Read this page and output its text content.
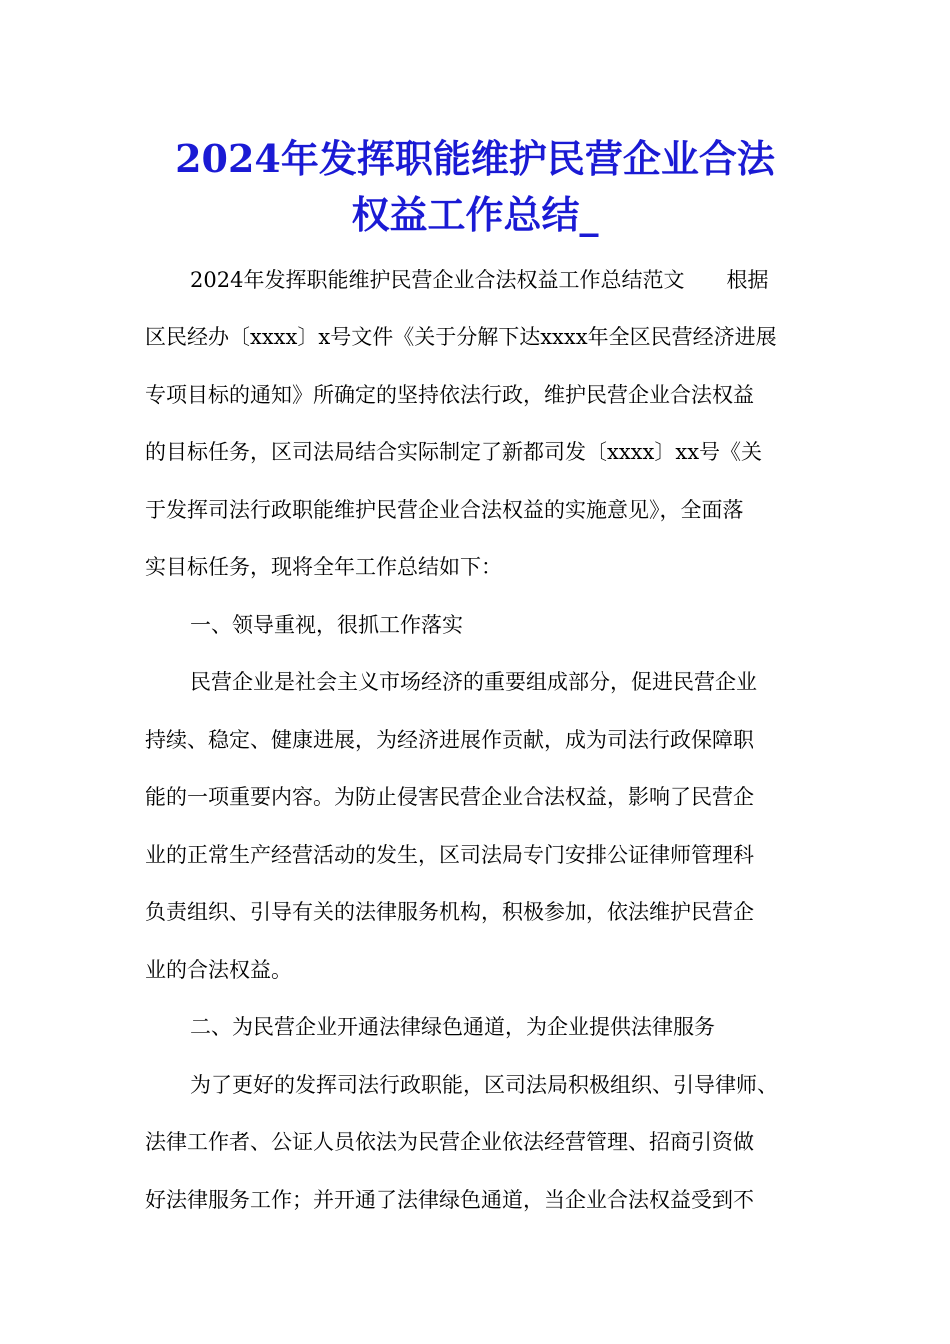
2024年发挥职能维护民营企业合法
权益工作总结_
2024年发挥职能维护民营企业合法权益工作总结范文　　根据
区民经办〔xxxx〕x号文件《关于分解下达xxxx年全区民营经济进展
专项目标的通知》所确定的坚持依法行政，维护民营企业合法权益
的目标任务，区司法局结合实际制定了新都司发〔xxxx〕xx号《关
于发挥司法行政职能维护民营企业合法权益的实施意见》，全面落
实目标任务，现将全年工作总结如下：
一、领导重视，很抓工作落实
民营企业是社会主义市场经济的重要组成部分，促进民营企业
持续、稳定、健康进展，为经济进展作贡献，成为司法行政保障职
能的一项重要内容。为防止侵害民营企业合法权益，影响了民营企
业的正常生产经营活动的发生，区司法局专门安排公证律师管理科
负责组织、引导有关的法律服务机构，积极参加，依法维护民营企
业的合法权益。
二、为民营企业开通法律绿色通道，为企业提供法律服务
为了更好的发挥司法行政职能，区司法局积极组织、引导律师、
法律工作者、公证人员依法为民营企业依法经营管理、招商引资做
好法律服务工作；并开通了法律绿色通道，当企业合法权益受到不
